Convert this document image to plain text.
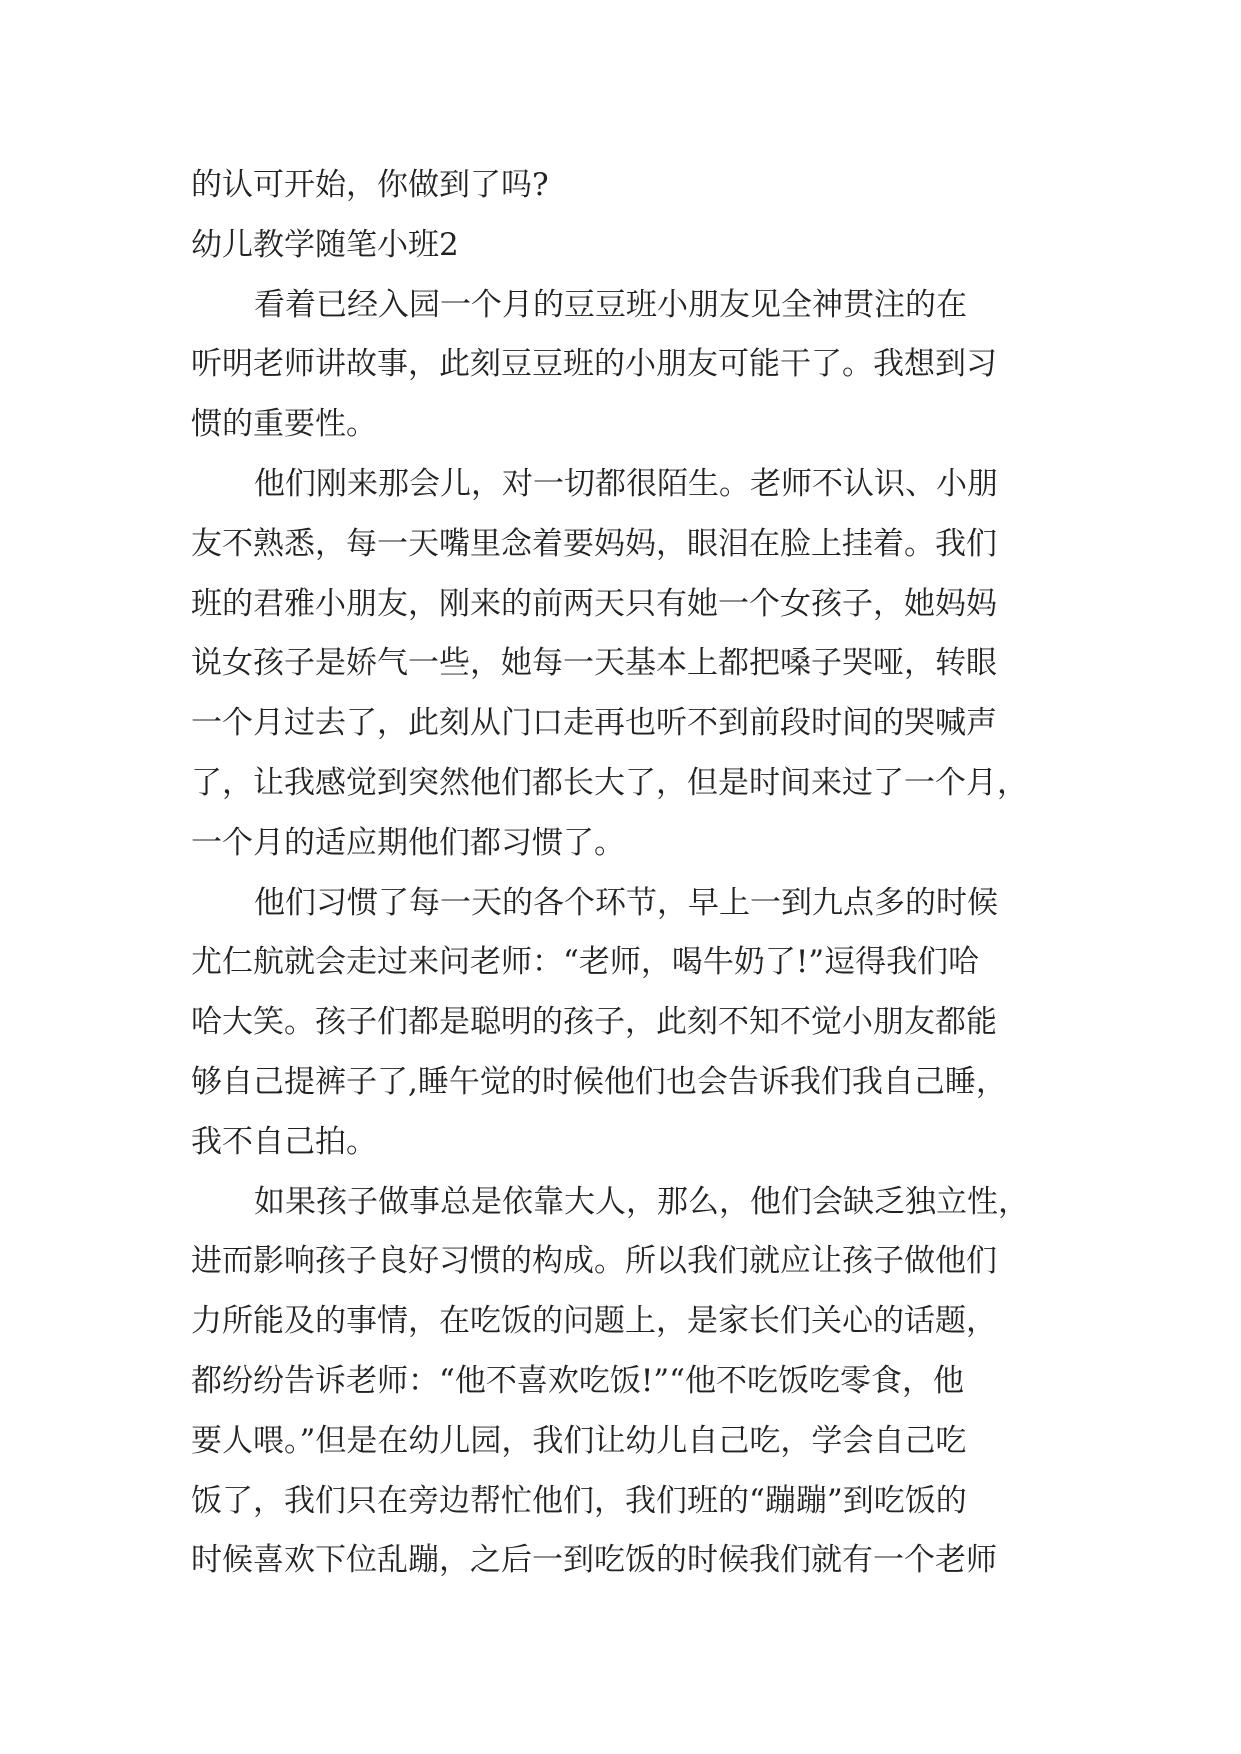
的认可开始，你做到了吗?

幼儿教学随笔小班2

看着已经入园一个月的豆豆班小朋友见全神贯注的在

听明老师讲故事，此刻豆豆班的小朋友可能干了。我想到习

惯的重要性。

他们刚来那会儿，对一切都很陌生。老师不认识、小朋

友不熟悉，每一天嘴里念着要妈妈，眼泪在脸上挂着。我们

班的君雅小朋友，刚来的前两天只有她一个女孩子，她妈妈

说女孩子是娇气一些，她每一天基本上都把嗓子哭哑，转眼

一个月过去了，此刻从门口走再也听不到前段时间的哭喊声

了，让我感觉到突然他们都长大了，但是时间来过了一个月，

一个月的适应期他们都习惯了。

他们习惯了每一天的各个环节，早上一到九点多的时候

尤仁航就会走过来问老师：“老师，喝牛奶了!”逗得我们哈

哈大笑。孩子们都是聪明的孩子，此刻不知不觉小朋友都能

够自己提裤子了,睡午觉的时候他们也会告诉我们我自己睡，

我不自己拍。

如果孩子做事总是依靠大人，那么，他们会缺乏独立性，

进而影响孩子良好习惯的构成。所以我们就应让孩子做他们

力所能及的事情，在吃饭的问题上，是家长们关心的话题，

都纷纷告诉老师：“他不喜欢吃饭!”“他不吃饭吃零食，他

要人喂。”但是在幼儿园，我们让幼儿自己吃，学会自己吃

饭了，我们只在旁边帮忙他们，我们班的“蹦蹦”到吃饭的

时候喜欢下位乱蹦，之后一到吃饭的时候我们就有一个老师
